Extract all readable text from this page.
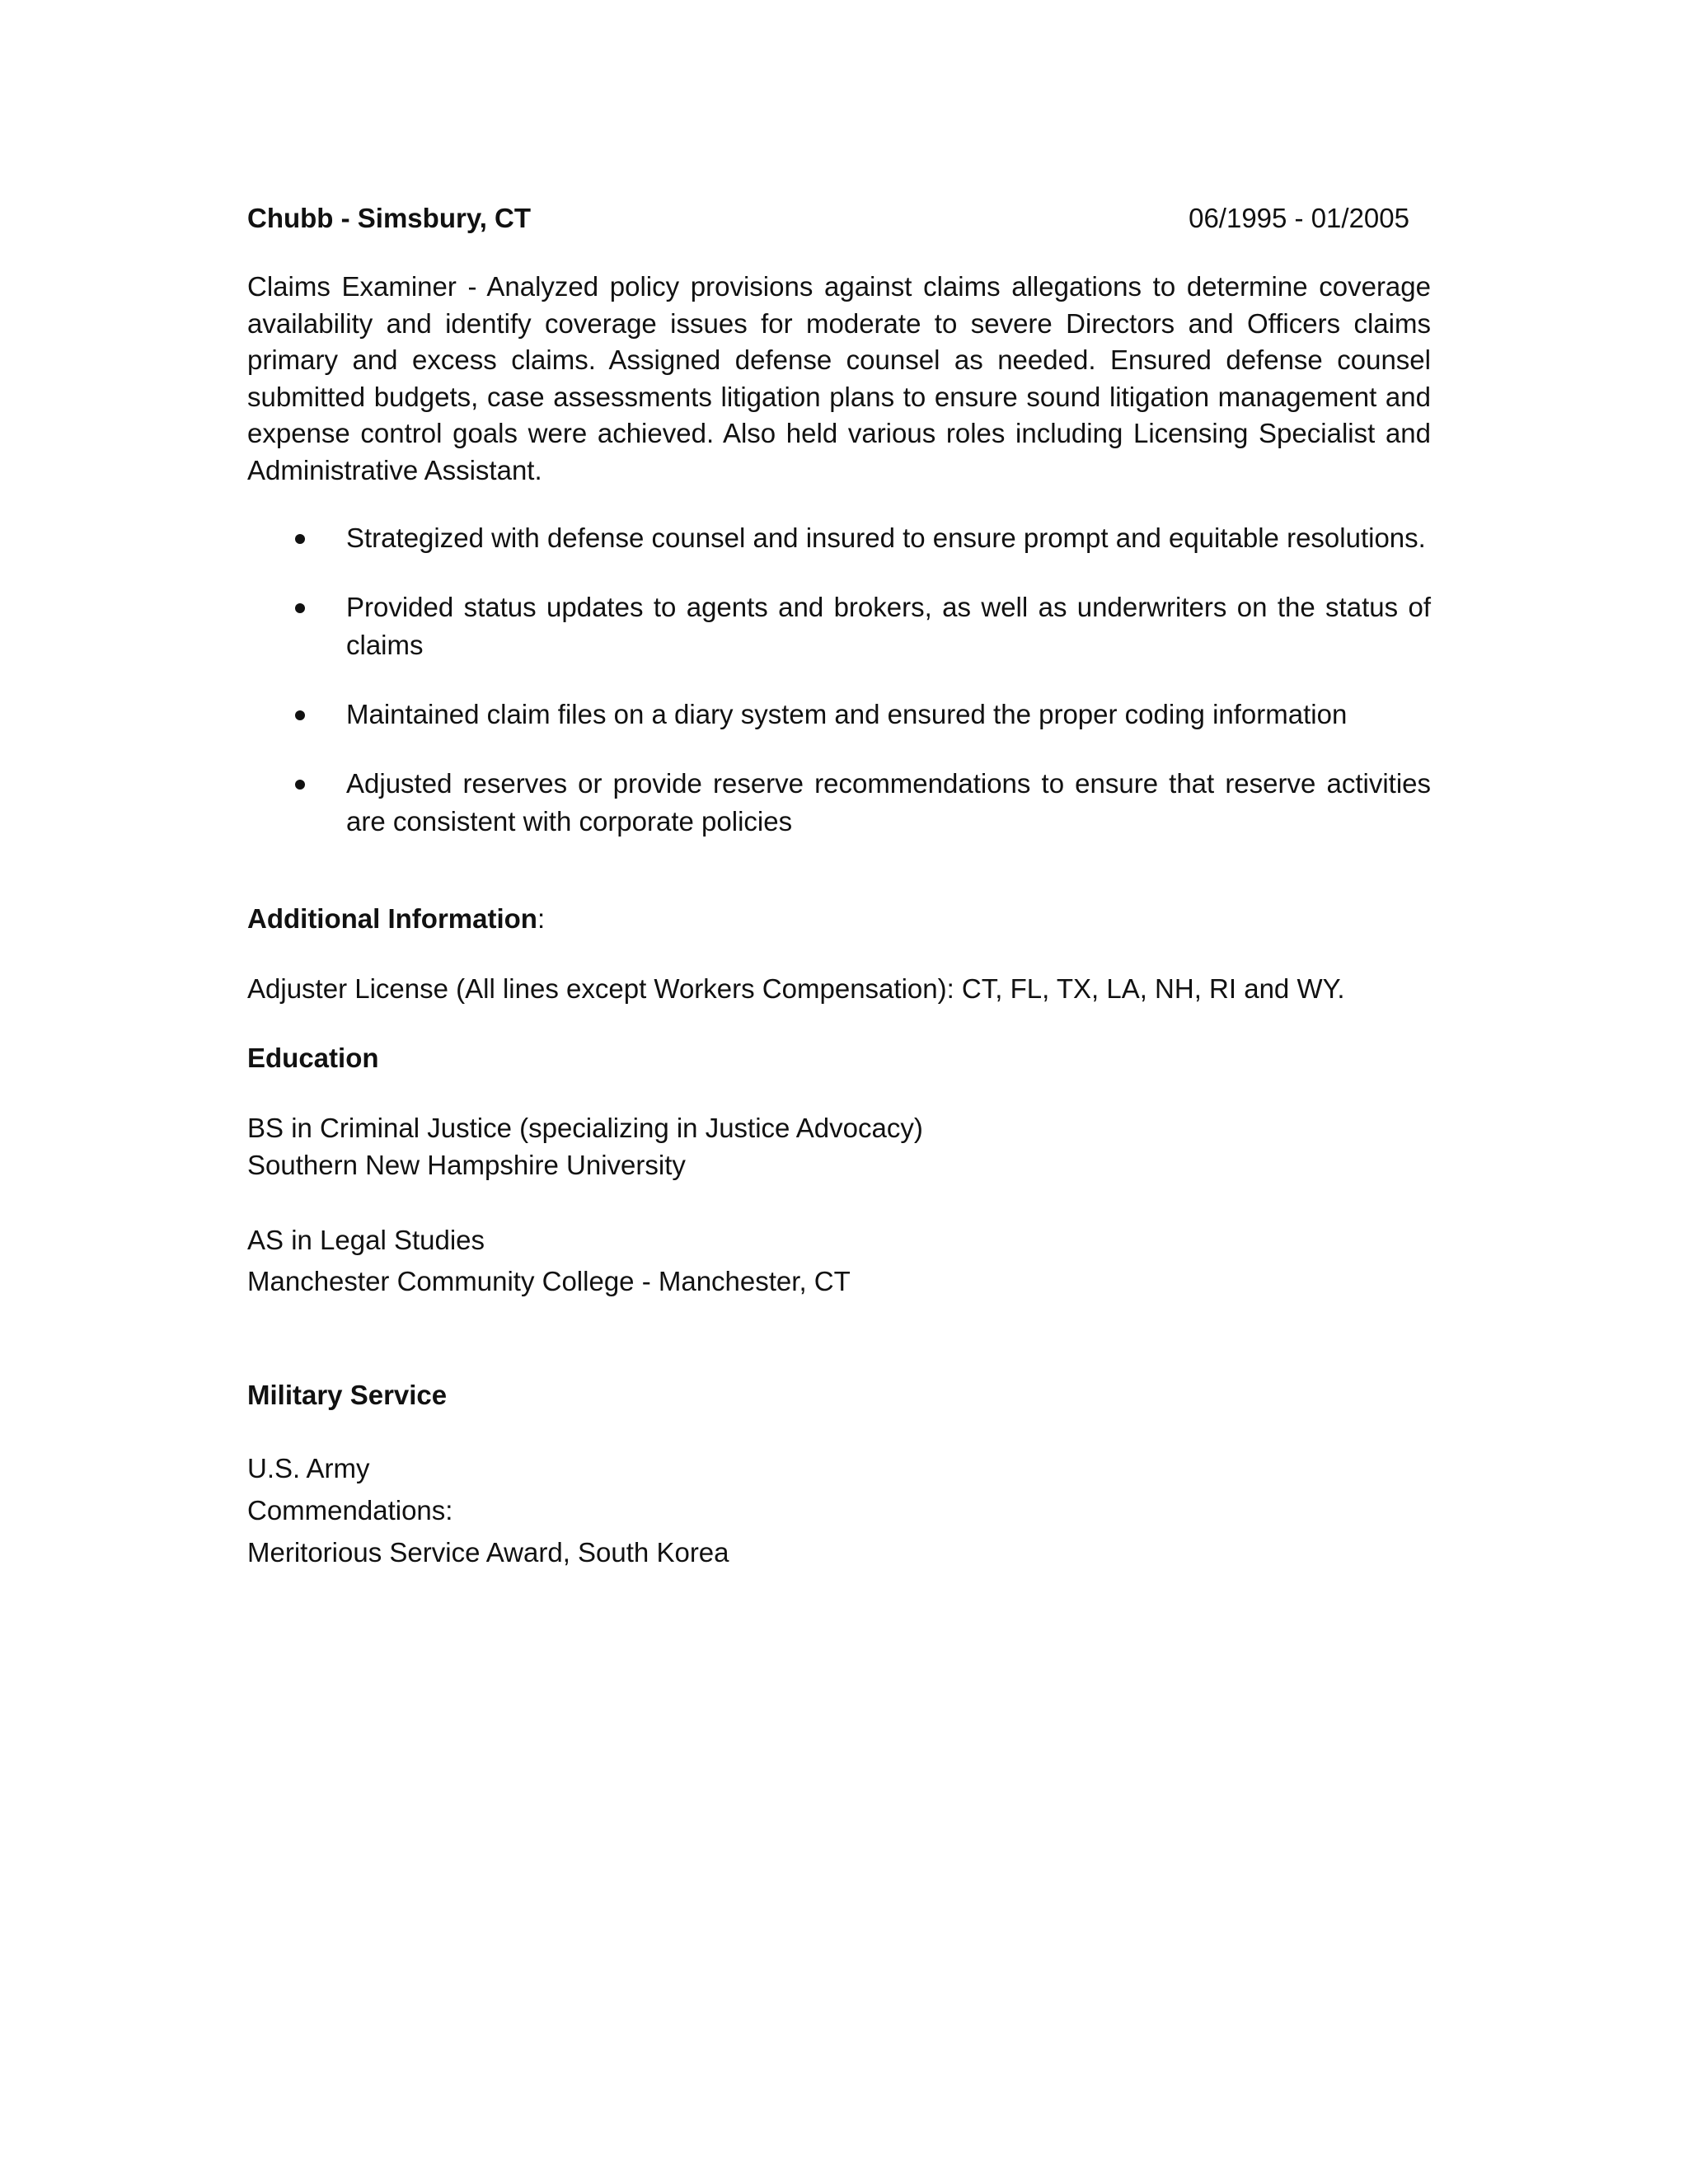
Chubb - Simsbury, CT	06/1995 - 01/2005
Claims Examiner - Analyzed policy provisions against claims allegations to determine coverage availability and identify coverage issues for moderate to severe Directors and Officers claims primary and excess claims. Assigned defense counsel as needed. Ensured defense counsel submitted budgets, case assessments litigation plans to ensure sound litigation management and expense control goals were achieved. Also held various roles including Licensing Specialist and Administrative Assistant.
Strategized with defense counsel and insured to ensure prompt and equitable resolutions.
Provided status updates to agents and brokers, as well as underwriters on the status of claims
Maintained claim files on a diary system and ensured the proper coding information
Adjusted reserves or provide reserve recommendations to ensure that reserve activities are consistent with corporate policies
Additional Information:
Adjuster License (All lines except Workers Compensation): CT, FL, TX, LA, NH, RI and WY.
Education
BS in Criminal Justice (specializing in Justice Advocacy)
Southern New Hampshire University
AS in Legal Studies
Manchester Community College - Manchester, CT
Military Service
U.S. Army
Commendations:
Meritorious Service Award, South Korea
